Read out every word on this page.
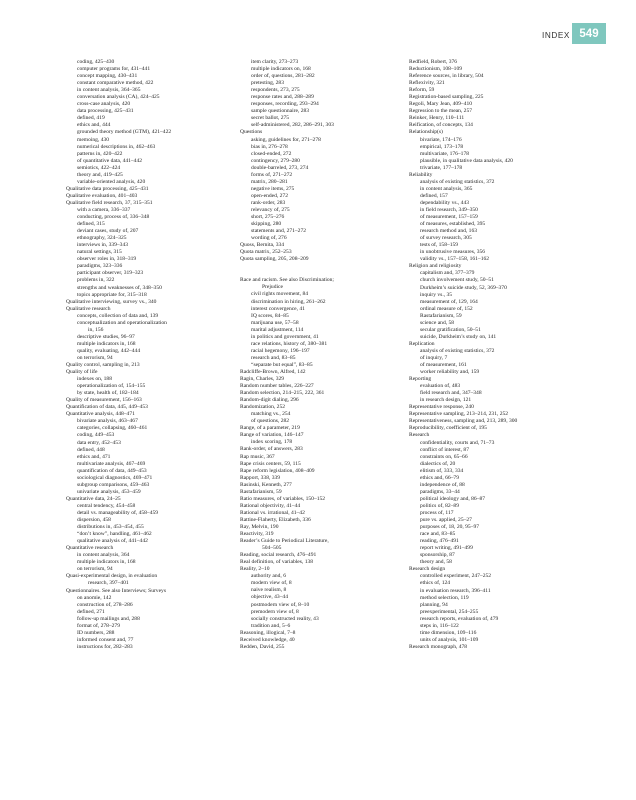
INDEX 549
coding, 425–430
computer programs for, 431–441
concept mapping, 430–431
constant comparative method, 422
in content analysis, 364–365
conversation analysis (CA), 424–425
cross-case analysis, 420
data processing, 425–431
defined, 419
ethics and, 444
grounded theory method (GTM), 421–422
memoing, 430
numerical descriptions in, 462–463
patterns in, 420–422
of quantitative data, 441–442
semiotics, 422–424
theory and, 419–425
variable-oriented analysis, 420
Qualitative data processing, 425–431
Qualitative evaluation, 401–403
Qualitative field research, 37, 315–351
with a camera, 336–337
conducting, process of, 336–348
defined, 315
deviant cases, study of, 207
ethnography, 324–325
interviews in, 339–343
natural settings, 315
observer roles in, 318–319
paradigms, 323–336
participant observer, 319–323
problems in, 322
strengths and weaknesses of, 348–350
topics appropriate for, 315–318
Qualitative interviewing, survey vs., 340
Qualitative research
concepts, collection of data and, 139
conceptualization and operationalization
in, 156
descriptive studies, 96–97
multiple indicators in, 168
quality, evaluating, 442–444
on terrorism, 94
Quality control, sampling in, 213
Quality of life
indexes on, 188
operationalization of, 154–155
by state, health of, 182–184
Quality of measurement, 156–163
Quantification of data, 445, 449–453
Quantitative analysis, 448–471
bivariate analysis, 463–467
categories, collapsing, 460–461
coding, 449–453
data entry, 452–453
defined, 448
ethics and, 471
multivariate analysis, 467–469
quantification of data, 449–453
sociological diagnostics, 469–471
subgroup comparisons, 459–463
univariate analysis, 453–459
Quantitative data, 24–25
central tendency, 454–458
detail vs. manageability of, 458–459
dispersion, 458
distributions in, 453–454, 455
“don’t know”, handling, 461–462
qualitative analysis of, 441–442
Quantitative research
in content analysis, 364
multiple indicators in, 168
on terrorism, 94
Quasi-experimental design, in evaluation
research, 397–401
Questionnaires. See also Interviews; Surveys
on anomie, 142
construction of, 278–286
defined, 271
follow-up mailings and, 288
format of, 278–279
ID numbers, 288
informed consent and, 77
instructions for, 282–283
item clarity, 273–273
multiple indicators on, 168
order of, questions, 281–282
pretesting, 283
respondents, 273, 275
response rates and, 288–289
responses, recording, 293–294
sample questionnaire, 283
secret ballot, 275
self-administered, 282, 286–291, 303
Questions
asking, guidelines for, 271–278
bias in, 276–278
closed-ended, 272
contingency, 279–280
double-barreled, 273, 274
forms of, 271–272
matrix, 280–281
negative items, 275
open-ended, 272
rank-order, 283
relevancy of, 275
short, 275–276
skipping, 280
statements and, 271–272
wording of, 276
Quoss, Bernita, 334
Quota matrix, 252–253
Quota sampling, 205, 208–209
Race and racism. See also Discrimination;
Prejudice
civil rights movement, 84
discrimination in hiring, 261–262
interest convergence, 41
IQ scores, 84–85
marijuana use, 57–58
marital adjustment, 114
in politics and government, 41
race relations, history of, 380–381
racial hegemony, 196–197
research and, 83–85
“separate but equal”, 83–85
Radcliffe-Brown, Alfred, 142
Ragin, Charles, 329
Random number tables, 226–227
Random selection, 214–215, 222, 361
Random-digit dialing, 296
Randomization, 252
matching vs., 254
of questions, 282
Range, of a parameter, 219
Range of variation, 146–147
index scoring, 178
Rank-order, of answers, 283
Rap music, 367
Rape crisis centers, 59, 115
Rape reform legislation, 408–409
Rapport, 338, 339
Rasinski, Kenneth, 277
Rastafarianism, 59
Ratio measures, of variables, 150–152
Rational objectivity, 41–44
Rational vs. irrational, 41–42
Rattine-Flaherty, Elizabeth, 336
Ray, Melvin, 190
Reactivity, 319
Reader’s Guide to Periodical Literature,
504–505
Reading, social research, 476–491
Real definition, of variables, 138
Reality, 2–10
authority and, 6
modern view of, 8
naive realism, 8
objective, 43–44
postmodern view of, 8–10
premodern view of, 8
socially constructed reality, 43
tradition and, 5–6
Reasoning, illogical, 7–8
Received knowledge, 40
Redden, David, 255
Redfield, Robert, 376
Reductionism, 108–109
Reference sources, in library, 504
Reflexivity, 321
Reform, 59
Registration-based sampling, 225
Regoli, Mary Jean, 409–410
Regression to the mean, 257
Reinker, Henry, 110–111
Reification, of concepts, 134
Relationship(s)
bivariate, 174–176
empirical, 173–178
multivariate, 176–178
plausible, in qualitative data analysis, 420
trivariate, 177–178
Reliability
analysis of existing statistics, 372
in content analysis, 365
defined, 157
dependability vs., 443
in field research, 349–350
of measurement, 157–159
of measures, established, 395
research method and, 163
of survey research, 305
tests of, 158–159
in unobtrusive measures, 356
validity vs., 157–158, 161–162
Religion and religiosity
capitalism and, 377–379
church involvement study, 50–51
Durkheim’s suicide study, 52, 369–370
inquiry vs., 35
measurement of, 129, 164
ordinal measure of, 152
Rastafarianism, 59
science and, 58
secular gratification, 50–51
suicide, Durkheim’s study on, 141
Replication
analysis of existing statistics, 372
of inquiry, 7
of measurement, 161
worker reliability and, 159
Reporting
evaluation of, 483
field research and, 347–348
in research design, 121
Representative response, 240
Representative sampling, 213–214, 231, 252
Representativeness, sampling and, 213, 289, 300
Reproducibility, coefficient of, 195
Research
confidentiality, courts and, 71–73
conflict of interest, 87
constraints on, 65–66
dialectics of, 20
elitism of, 333, 334
ethics and, 66–79
independence of, 88
paradigms, 33–44
political ideology and, 86–87
politics of, 82–89
process of, 117
pure vs. applied, 25–27
purposes of, 18, 20, 95–97
race and, 83–85
reading, 476–491
report writing, 491–499
sponsorship, 87
theory and, 58
Research design
controlled experiment, 247–252
ethics of, 124
in evaluation research, 396–411
method selection, 119
planning, 94
preexperimental, 254–255
research reports, evaluation of, 479
steps in, 116–122
time dimension, 109–116
units of analysis, 101–109
Research monograph, 478
